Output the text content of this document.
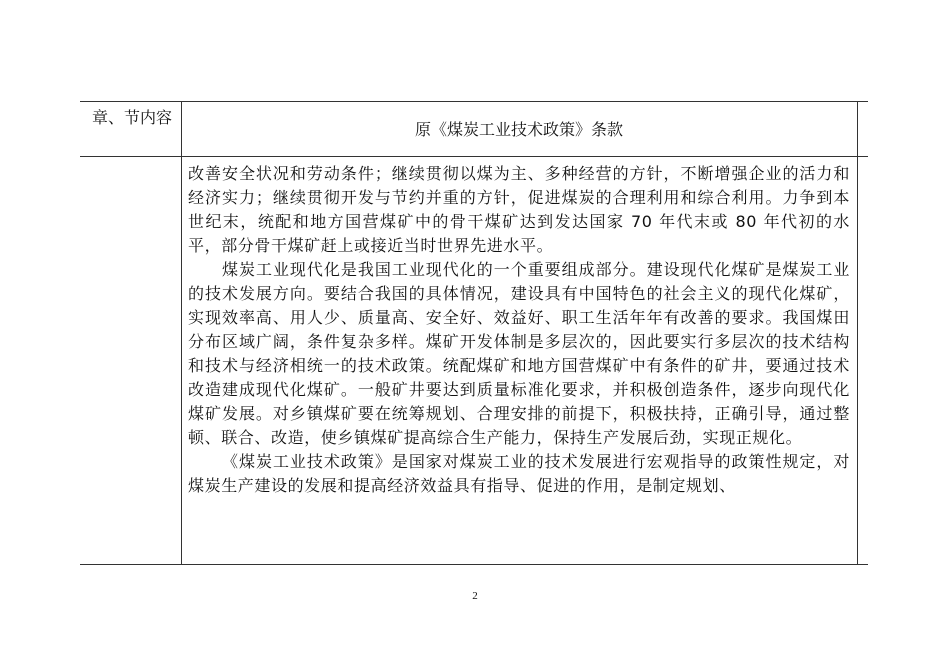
章、节内容
原《煤炭工业技术政策》条款

改善安全状况和劳动条件；继续贯彻以煤为主、多种经营的方针，不断增强企业的活力和经济实力；继续贯彻开发与节约并重的方针，促进煤炭的合理利用和综合利用。力争到本世纪末，统配和地方国营煤矿中的骨干煤矿达到发达国家 70 年代末或 80 年代初的水平，部分骨干煤矿赶上或接近当时世界先进水平。

煤炭工业现代化是我国工业现代化的一个重要组成部分。建设现代化煤矿是煤炭工业的技术发展方向。要结合我国的具体情况，建设具有中国特色的社会主义的现代化煤矿，实现效率高、用人少、质量高、安全好、效益好、职工生活年年有改善的要求。我国煤田分布区域广阔，条件复杂多样。煤矿开发体制是多层次的，因此要实行多层次的技术结构和技术与经济相统一的技术政策。统配煤矿和地方国营煤矿中有条件的矿井，要通过技术改造建成现代化煤矿。一般矿井要达到质量标准化要求，并积极创造条件，逐步向现代化煤矿发展。对乡镇煤矿要在统筹规划、合理安排的前提下，积极扶持，正确引导，通过整顿、联合、改造，使乡镇煤矿提高综合生产能力，保持生产发展后劲，实现正规化。

《煤炭工业技术政策》是国家对煤炭工业的技术发展进行宏观指导的政策性规定，对煤炭生产建设的发展和提高经济效益具有指导、促进的作用，是制定规划、

2
